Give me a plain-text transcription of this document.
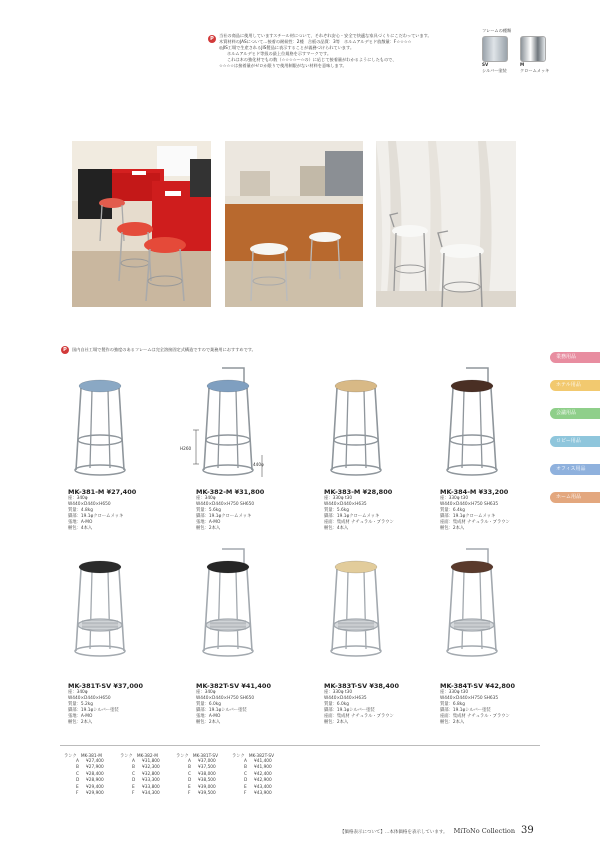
P
当社の商品に使用していますスチール材について、それぞれ安心・安全で快適な家具づくりにこだわっています。
木質材料のJASについて…接着の耐候性：2種　合板の品質：3等　ホルムアルデヒド放散量：F☆☆☆☆
◎JIS工場で生産されるJIS製品に表示することが義務づけられています。
ホルムアルデヒド等級の最上位規格を示すマークです。
これは木の強化材でもの数（☆☆☆☆〜☆の）に応じて接着量がわかるようにしたもので、
☆☆☆☆は接着量がゼロか限りで使用制限がない材料を意味します。
フレームの種類
SV
シルバー塗装
M
クロームメッキ
P	国内自社工場で製作の強度のあるフレームは完全溶接固定式構造ですので業務用におすすめです。
業務用品
ホテル用品
会議用品
ロビー用品
オフィス用品
ホーム用品
H260
440φ
MK-381-M ¥27,400
座：340φ
W440×D440×H650
質量：4.8kg
脚部：19.1φクロームメッキ
張地：A-MO
梱包：4本入
MK-382-M ¥31,800
座：340φ
W440×D440×H750 SH650
質量：5.6kg
脚部：19.1φクロームメッキ
張地：A-MO
梱包：2本入
MK-383-M ¥28,800
座：330φ t30
W440×D440×H635
質量：5.6kg
脚部：19.1φクロームメッキ
座面：集成材 ナチュラル・ブラウン
梱包：4本入
MK-384-M ¥33,200
座：330φ t30
W440×D440×H750 SH635
質量：6.4kg
脚部：19.1φクロームメッキ
座面：集成材 ナチュラル・ブラウン
梱包：2本入
MK-381T-SV ¥37,000
座：340φ
W440×D440×H650
質量：5.2kg
脚部：19.1φシルバー塗装
張地：A-MO
梱包：2本入
MK-382T-SV ¥41,400
座：340φ
W440×D440×H750 SH650
質量：6.0kg
脚部：19.1φシルバー塗装
張地：A-MO
梱包：2本入
MK-383T-SV ¥38,400
座：330φ t30
W440×D440×H635
質量：6.0kg
脚部：19.1φシルバー塗装
座面：集成材 ナチュラル・ブラウン
梱包：2本入
MK-384T-SV ¥42,800
座：330φ t30
W440×D440×H750 SH635
質量：6.8kg
脚部：19.1φシルバー塗装
座面：集成材 ナチュラル・ブラウン
梱包：2本入
ランク MK-381-M
A ¥27,400
B ¥27,900
C ¥28,400
D ¥28,900
E ¥29,400
F ¥29,900
ランク MK-382-M
A ¥31,800
B ¥32,300
C ¥32,800
D ¥33,300
E ¥33,800
F ¥34,300
ランク MK-381T-SV
A ¥37,000
B ¥37,500
C ¥38,000
D ¥38,500
E ¥39,000
F ¥39,500
ランク MK-382T-SV
A ¥41,400
B ¥41,900
C ¥42,400
D ¥42,900
E ¥43,400
F ¥43,900
【価格表示について】…本体価格を表示しています。 MiToNo Collection 39
